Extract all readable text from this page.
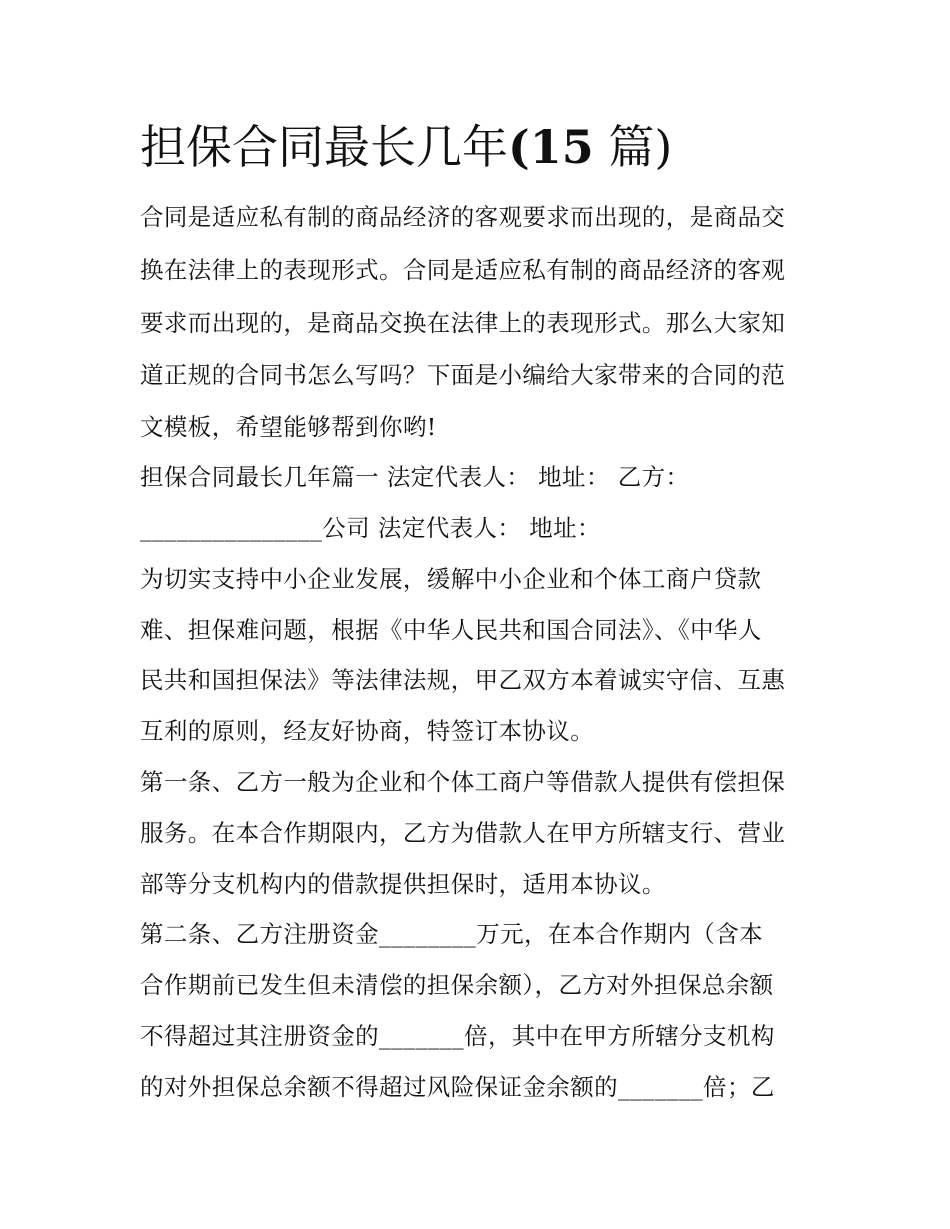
担保合同最长几年(15 篇)

合同是适应私有制的商品经济的客观要求而出现的，是商品交

换在法律上的表现形式。合同是适应私有制的商品经济的客观

要求而出现的，是商品交换在法律上的表现形式。那么大家知

道正规的合同书怎么写吗？下面是小编给大家带来的合同的范

文模板，希望能够帮到你哟!

担保合同最长几年篇一 法定代表人： 地址： 乙方：

_______________公司 法定代表人： 地址：

为切实支持中小企业发展，缓解中小企业和个体工商户贷款

难、担保难问题，根据《中华人民共和国合同法》、《中华人

民共和国担保法》等法律法规，甲乙双方本着诚实守信、互惠

互利的原则，经友好协商，特签订本协议。

第一条、乙方一般为企业和个体工商户等借款人提供有偿担保

服务。在本合作期限内，乙方为借款人在甲方所辖支行、营业

部等分支机构内的借款提供担保时，适用本协议。

第二条、乙方注册资金________万元，在本合作期内（含本

合作期前已发生但未清偿的担保余额），乙方对外担保总余额

不得超过其注册资金的_______倍，其中在甲方所辖分支机构

的对外担保总余额不得超过风险保证金余额的_______倍；乙
